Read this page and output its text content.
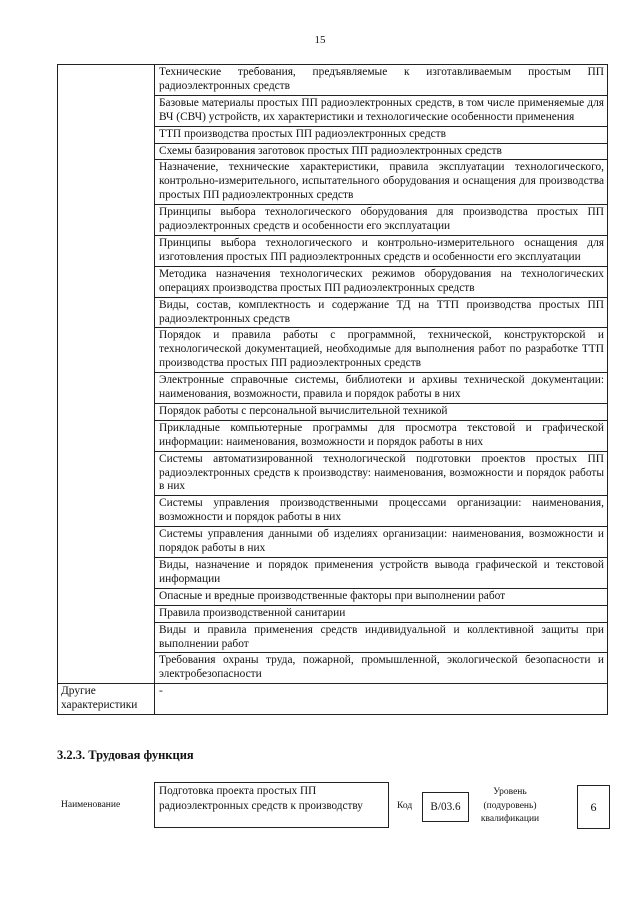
15
	Технические требования, предъявляемые к изготавливаемым простым ПП радиоэлектронных средств
	Базовые материалы простых ПП радиоэлектронных средств, в том числе применяемые для ВЧ (СВЧ) устройств, их характеристики и технологические особенности применения
	ТТП производства простых ПП радиоэлектронных средств
	Схемы базирования заготовок простых ПП радиоэлектронных средств
	Назначение, технические характеристики, правила эксплуатации технологического, контрольно-измерительного, испытательного оборудования и оснащения для производства простых ПП радиоэлектронных средств
	Принципы выбора технологического оборудования для производства простых ПП радиоэлектронных средств и особенности его эксплуатации
	Принципы выбора технологического и контрольно-измерительного оснащения для изготовления простых ПП радиоэлектронных средств и особенности его эксплуатации
	Методика назначения технологических режимов оборудования на технологических операциях производства простых ПП радиоэлектронных средств
	Виды, состав, комплектность и содержание ТД на ТТП производства простых ПП радиоэлектронных средств
	Порядок и правила работы с программной, технической, конструкторской и технологической документацией, необходимые для выполнения работ по разработке ТТП производства простых ПП радиоэлектронных средств
	Электронные справочные системы, библиотеки и архивы технической документации: наименования, возможности, правила и порядок работы в них
	Порядок работы с персональной вычислительной техникой
	Прикладные компьютерные программы для просмотра текстовой и графической информации: наименования, возможности и порядок работы в них
	Системы автоматизированной технологической подготовки проектов простых ПП радиоэлектронных средств к производству: наименования, возможности и порядок работы в них
	Системы управления производственными процессами организации: наименования, возможности и порядок работы в них
	Системы управления данными об изделиях организации: наименования, возможности и порядок работы в них
	Виды, назначение и порядок применения устройств вывода графической и текстовой информации
	Опасные и вредные производственные факторы при выполнении работ
	Правила производственной санитарии
	Виды и правила применения средств индивидуальной и коллективной защиты при выполнении работ
	Требования охраны труда, пожарной, промышленной, экологической безопасности и электробезопасности
Другие характеристики	-
3.2.3. Трудовая функция
Наименование
Подготовка проекта простых ПП радиоэлектронных средств к производству	Код	В/03.6
Уровень (подуровень) квалификации
6
